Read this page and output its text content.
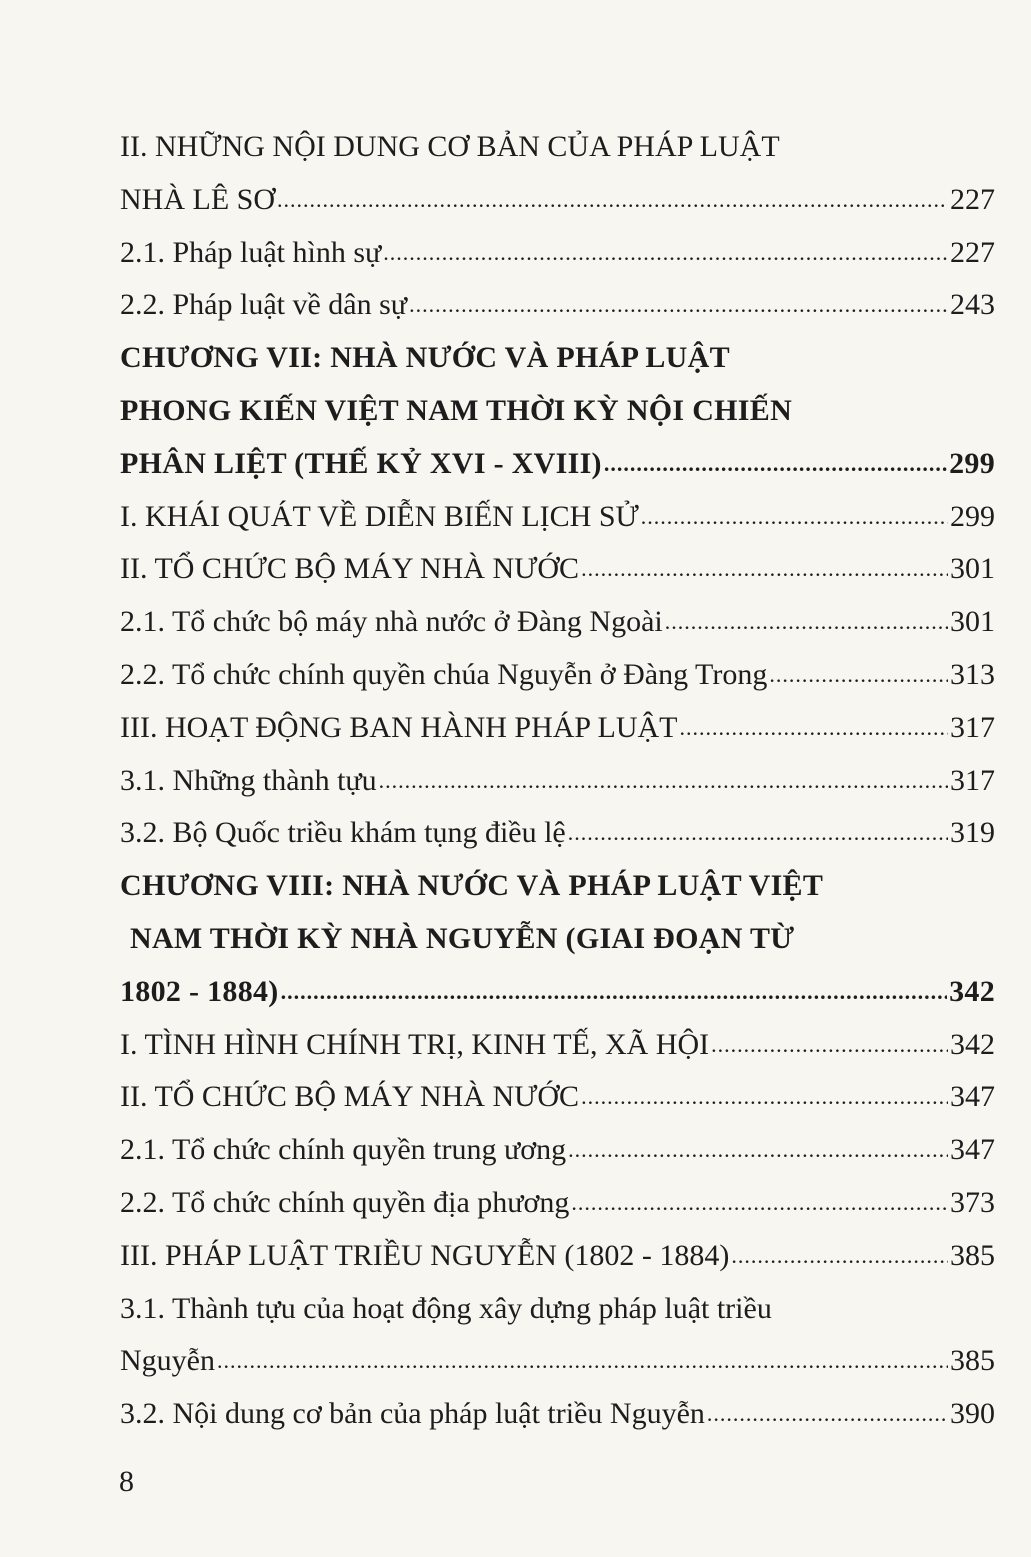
II. NHỮNG NỘI DUNG CƠ BẢN CỦA PHÁP LUẬT
NHÀ LÊ SƠ .....	227
2.1. Pháp luật hình sự .....	227
2.2. Pháp luật về dân sự .....	243
CHƯƠNG VII: NHÀ NƯỚC VÀ PHÁP LUẬT
PHONG KIẾN VIỆT NAM THỜI KỲ NỘI CHIẾN
PHÂN LIỆT (THẾ KỶ XVI - XVIII) .....	299
I. KHÁI QUÁT VỀ DIỄN BIẾN LỊCH SỬ .....	299
II. TỔ CHỨC BỘ MÁY NHÀ NƯỚC .....	301
2.1. Tổ chức bộ máy nhà nước ở Đàng Ngoài .....	301
2.2. Tổ chức chính quyền chúa Nguyễn ở Đàng Trong .....	313
III. HOẠT ĐỘNG BAN HÀNH PHÁP LUẬT .....	317
3.1. Những thành tựu .....	317
3.2. Bộ Quốc triều khám tụng điều lệ .....	319
CHƯƠNG VIII: NHÀ NƯỚC VÀ PHÁP LUẬT VIỆT
NAM THỜI KỲ NHÀ NGUYỄN (GIAI ĐOẠN TỪ
1802 - 1884) .....	342
I. TÌNH HÌNH CHÍNH TRỊ, KINH TẾ, XÃ HỘI .....	342
II. TỔ CHỨC BỘ MÁY NHÀ NƯỚC .....	347
2.1. Tổ chức chính quyền trung ương .....	347
2.2. Tổ chức chính quyền địa phương .....	373
III. PHÁP LUẬT TRIỀU NGUYỄN (1802 - 1884) .....	385
3.1. Thành tựu của hoạt động xây dựng pháp luật triều
Nguyễn .....	385
3.2. Nội dung cơ bản của pháp luật triều Nguyễn .....	390
8
